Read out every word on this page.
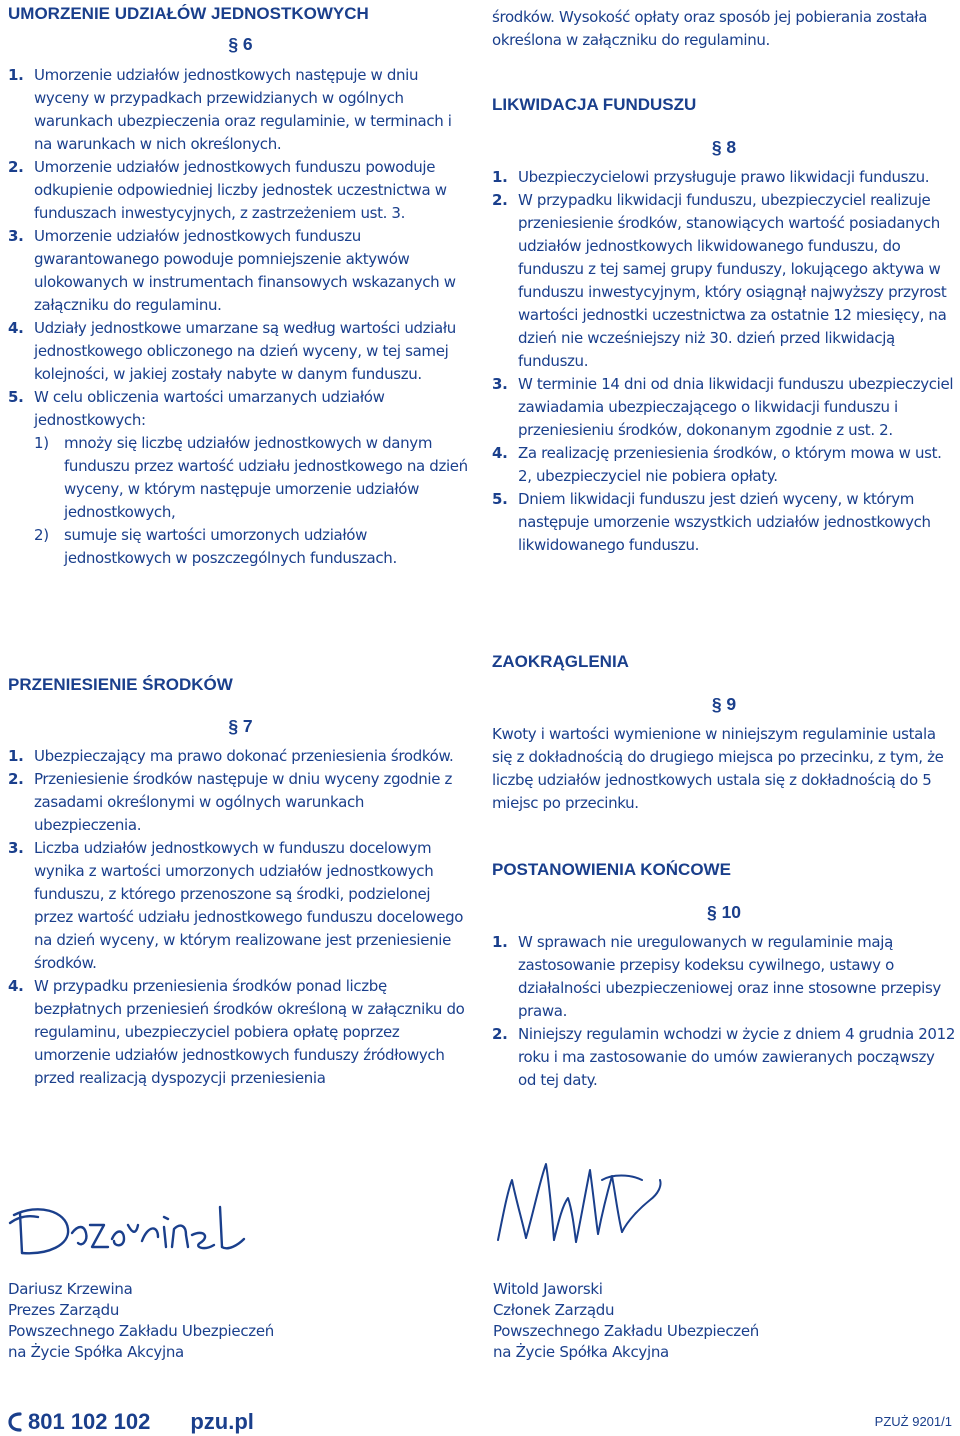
UMORZENIE UDZIAŁÓW JEDNOSTKOWYCH
§ 6
1. Umorzenie udziałów jednostkowych następuje w dniu wyceny w przypadkach przewidzianych w ogólnych warunkach ubezpieczenia oraz regulaminie, w terminach i na warunkach w nich określonych.
2. Umorzenie udziałów jednostkowych funduszu powoduje odkupienie odpowiedniej liczby jednostek uczestnictwa w funduszach inwestycyjnych, z zastrzeżeniem ust. 3.
3. Umorzenie udziałów jednostkowych funduszu gwarantowanego powoduje pomniejszenie aktywów ulokowanych w instrumentach finansowych wskazanych w załączniku do regulaminu.
4. Udziały jednostkowe umarzane są według wartości udziału jednostkowego obliczonego na dzień wyceny, w tej samej kolejności, w jakiej zostały nabyte w danym funduszu.
5. W celu obliczenia wartości umarzanych udziałów jednostkowych:
1) mnoży się liczbę udziałów jednostkowych w danym funduszu przez wartość udziału jednostkowego na dzień wyceny, w którym następuje umorzenie udziałów jednostkowych,
2) sumuje się wartości umorzonych udziałów jednostkowych w poszczególnych funduszach.
PRZENIESIENIE ŚRODKÓW
§ 7
1. Ubezpieczający ma prawo dokonać przeniesienia środków.
2. Przeniesienie środków następuje w dniu wyceny zgodnie z zasadami określonymi w ogólnych warunkach ubezpieczenia.
3. Liczba udziałów jednostkowych w funduszu docelowym wynika z wartości umorzonych udziałów jednostkowych funduszu, z którego przenoszone są środki, podzielonej przez wartość udziału jednostkowego funduszu docelowego na dzień wyceny, w którym realizowane jest przeniesienie środków.
4. W przypadku przeniesienia środków ponad liczbę bezpłatnych przeniesień środków określoną w załączniku do regulaminu, ubezpieczyciel pobiera opłatę poprzez umorzenie udziałów jednostkowych funduszy źródłowych przed realizacją dyspozycji przeniesienia
środków. Wysokość opłaty oraz sposób jej pobierania została określona w załączniku do regulaminu.
LIKWIDACJA FUNDUSZU
§ 8
1. Ubezpieczycielowi przysługuje prawo likwidacji funduszu.
2. W przypadku likwidacji funduszu, ubezpieczyciel realizuje przeniesienie środków, stanowiących wartość posiadanych udziałów jednostkowych likwidowanego funduszu, do funduszu z tej samej grupy funduszy, lokującego aktywa w funduszu inwestycyjnym, który osiągnął najwyższy przyrost wartości jednostki uczestnictwa za ostatnie 12 miesięcy, na dzień nie wcześniejszy niż 30. dzień przed likwidacją funduszu.
3. W terminie 14 dni od dnia likwidacji funduszu ubezpieczyciel zawiadamia ubezpieczającego o likwidacji funduszu i przeniesieniu środków, dokonanym zgodnie z ust. 2.
4. Za realizację przeniesienia środków, o którym mowa w ust. 2, ubezpieczyciel nie pobiera opłaty.
5. Dniem likwidacji funduszu jest dzień wyceny, w którym następuje umorzenie wszystkich udziałów jednostkowych likwidowanego funduszu.
ZAOKRĄGLENIA
§ 9
Kwoty i wartości wymienione w niniejszym regulaminie ustala się z dokładnością do drugiego miejsca po przecinku, z tym, że liczbę udziałów jednostkowych ustala się z dokładnością do 5 miejsc po przecinku.
POSTANOWIENIA KOŃCOWE
§ 10
1. W sprawach nie uregulowanych w regulaminie mają zastosowanie przepisy kodeksu cywilnego, ustawy o działalności ubezpieczeniowej oraz inne stosowne przepisy prawa.
2. Niniejszy regulamin wchodzi w życie z dniem 4 grudnia 2012 roku i ma zastosowanie do umów zawieranych począwszy od tej daty.
Dariusz Krzewina
Prezes Zarządu
Powszechnego Zakładu Ubezpieczeń
na Życie Spółka Akcyjna
Witold Jaworski
Członek Zarządu
Powszechnego Zakładu Ubezpieczeń
na Życie Spółka Akcyjna
801 102 102 pzu.pl	PZUŻ 9201/1
